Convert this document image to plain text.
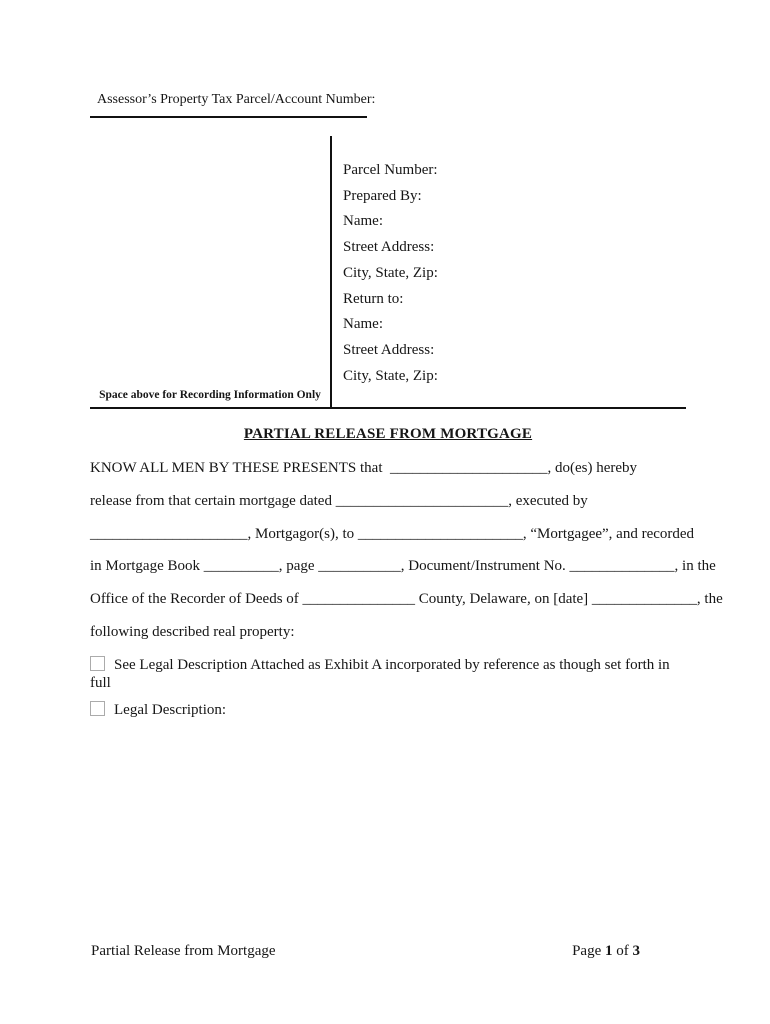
Assessor’s Property Tax Parcel/Account Number:
Space above for Recording Information Only
Parcel Number:
Prepared By:
Name:
Street Address:
City, State, Zip:
Return to:
Name:
Street Address:
City, State, Zip:
PARTIAL RELEASE FROM MORTGAGE
KNOW ALL MEN BY THESE PRESENTS that  _____________________, do(es) hereby
release from that certain mortgage dated _______________________, executed by
_____________________, Mortgagor(s), to ______________________, “Mortgagee”, and recorded
in Mortgage Book __________, page ___________, Document/Instrument No. ______________, in the
Office of the Recorder of Deeds of _______________ County, Delaware, on [date] ______________, the
following described real property:
See Legal Description Attached as Exhibit A incorporated by reference as though set forth in full
Legal Description:
Partial Release from Mortgage	Page 1 of 3
